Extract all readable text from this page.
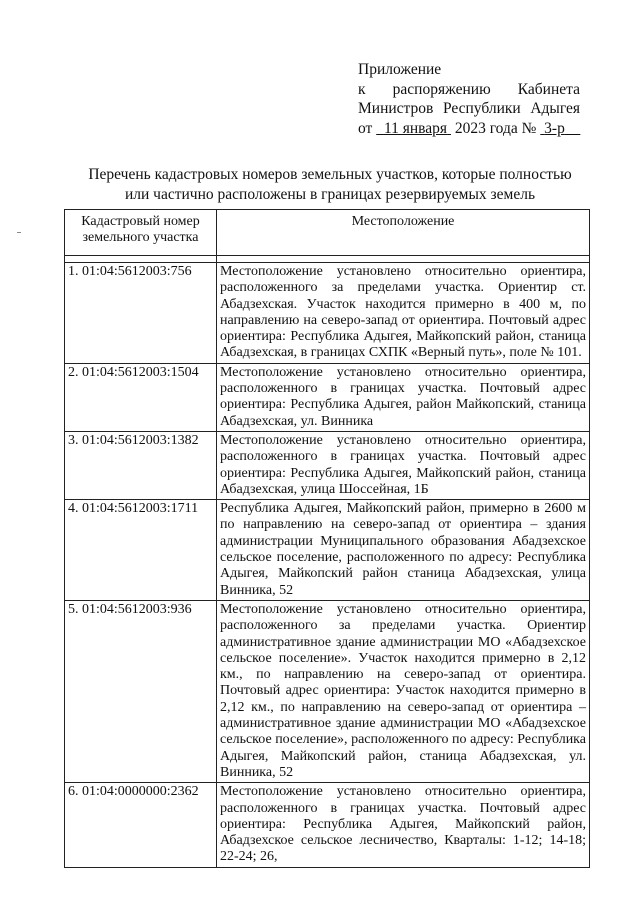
Приложение
к распоряжению Кабинета
Министров Республики Адыгея
от 11 января 2023 года № 3-р
Перечень кадастровых номеров земельных участков, которые полностью
или частично расположены в границах резервируемых земель
Кадастровый номер земельного участка	Местоположение

1. 01:04:5612003:756	Местоположение установлено относительно ориентира, расположенного за пределами участка. Ориентир ст. Абадзехская. Участок находится примерно в 400 м, по направлению на северо-запад от ориентира. Почтовый адрес ориентира: Республика Адыгея, Майкопский район, станица Абадзехская, в границах СХПК «Верный путь», поле № 101.
2. 01:04:5612003:1504	Местоположение установлено относительно ориентира, расположенного в границах участка. Почтовый адрес ориентира: Республика Адыгея, район Майкопский, станица Абадзехская, ул. Винника
3. 01:04:5612003:1382	Местоположение установлено относительно ориентира, расположенного в границах участка. Почтовый адрес ориентира: Республика Адыгея, Майкопский район, станица Абадзехская, улица Шоссейная, 1Б
4. 01:04:5612003:1711	Республика Адыгея, Майкопский район, примерно в 2600 м по направлению на северо-запад от ориентира – здания администрации Муниципального образования Абадзехское сельское поселение, расположенного по адресу: Республика Адыгея, Майкопский район станица Абадзехская, улица Винника, 52
5. 01:04:5612003:936	Местоположение установлено относительно ориентира, расположенного за пределами участка. Ориентир административное здание администрации МО «Абадзехское сельское поселение». Участок находится примерно в 2,12 км., по направлению на северо-запад от ориентира. Почтовый адрес ориентира: Участок находится примерно в 2,12 км., по направлению на северо-запад от ориентира – административное здание администрации МО «Абадзехское сельское поселение», расположенного по адресу: Республика Адыгея, Майкопский район, станица Абадзехская, ул. Винника, 52
6. 01:04:0000000:2362	Местоположение установлено относительно ориентира, расположенного в границах участка. Почтовый адрес ориентира: Республика Адыгея, Майкопский район, Абадзехское сельское лесничество, Кварталы: 1-12; 14-18; 22-24; 26,
